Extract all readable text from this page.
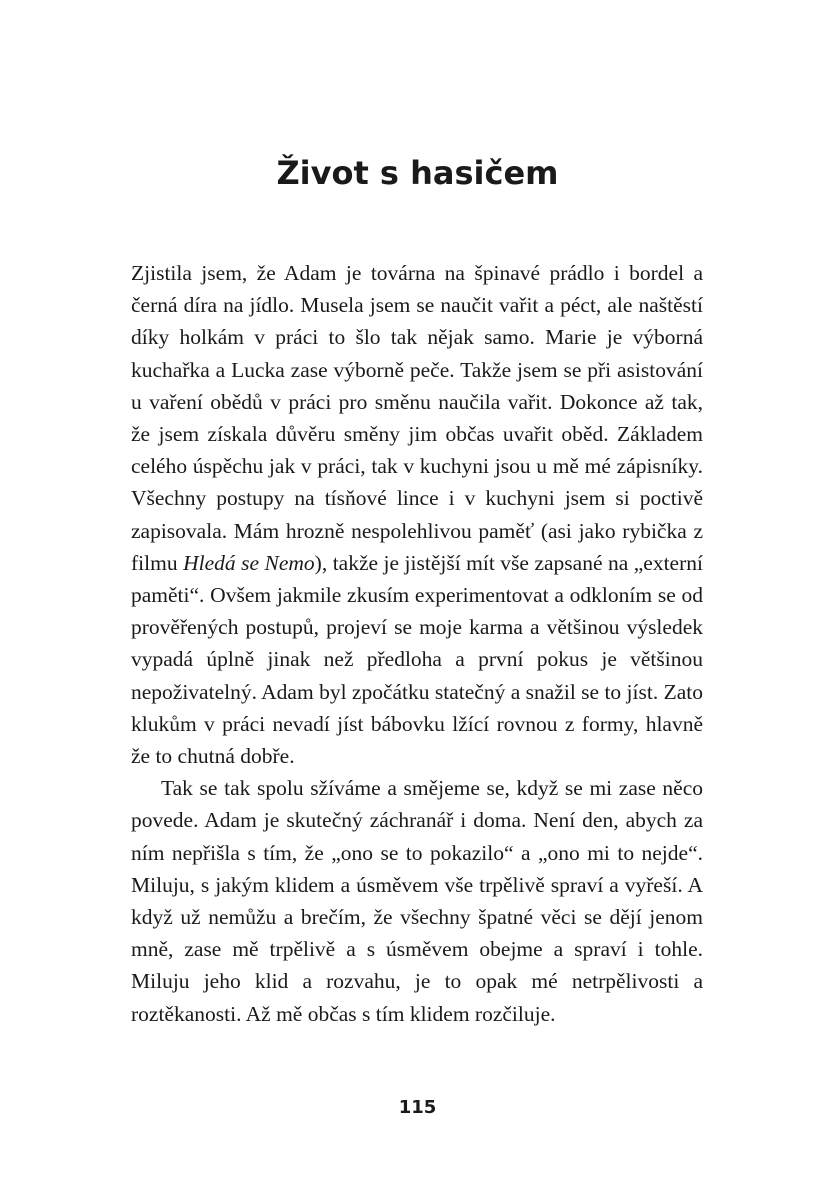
Život s hasičem

Zjistila jsem, že Adam je továrna na špinavé prádlo i bordel a černá díra na jídlo. Musela jsem se naučit vařit a péct, ale naštěstí díky holkám v práci to šlo tak nějak samo. Marie je výborná kuchařka a Lucka zase výborně peče. Takže jsem se při asistování u vaření obědů v práci pro směnu naučila vařit. Dokonce až tak, že jsem získala důvěru směny jim občas uvařit oběd. Základem celého úspěchu jak v práci, tak v kuchyni jsou u mě mé zápisníky. Všechny postupy na tísňové lince i v kuchyni jsem si poctivě zapisovala. Mám hrozně nespolehlivou paměť (asi jako rybička z filmu Hledá se Nemo), takže je jistější mít vše zapsané na „externí paměti“. Ovšem jakmile zkusím experimentovat a odkloním se od prověřených postupů, projeví se moje karma a většinou výsledek vypadá úplně jinak než předloha a první pokus je většinou nepoživatelný. Adam byl zpočátku statečný a snažil se to jíst. Zato klukům v práci nevadí jíst bábovku lžící rovnou z formy, hlavně že to chutná dobře.

Tak se tak spolu sžíváme a smějeme se, když se mi zase něco povede. Adam je skutečný záchranář i doma. Není den, abych za ním nepřišla s tím, že „ono se to pokazilo“ a „ono mi to nejde“. Miluju, s jakým klidem a úsměvem vše trpělivě spraví a vyřeší. A když už nemůžu a brečím, že všechny špatné věci se dějí jenom mně, zase mě trpělivě a s úsměvem obejme a spraví i tohle. Miluju jeho klid a rozvahu, je to opak mé netrpělivosti a roztěkanosti. Až mě občas s tím klidem rozčiluje.

115
